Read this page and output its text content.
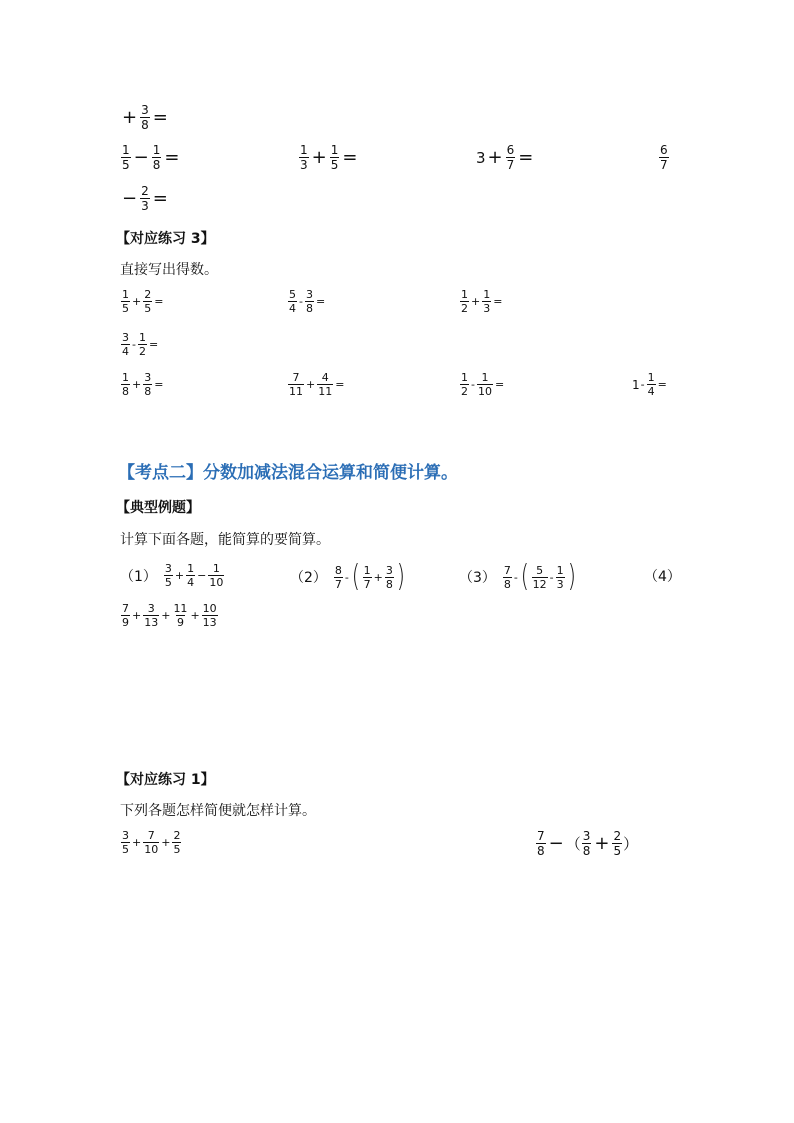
+ $\frac{3}{8}$ =
$\frac{1}{5} - \frac{1}{8}$ =	$\frac{1}{3} + \frac{1}{5}$ =	$3 + \frac{6}{7}$ =	$\frac{6}{7}$
− $\frac{2}{3}$ =
【对应练习 3】
直接写出得数。
$\frac{1}{5} + \frac{2}{5}$ =	$\frac{5}{4} - \frac{3}{8}$ =	$\frac{1}{2} + \frac{1}{3}$ =
$\frac{3}{4} - \frac{1}{2}$ =
$\frac{1}{8} + \frac{3}{8}$ =	$\frac{7}{11} + \frac{4}{11}$ =	$\frac{1}{2} - \frac{1}{10}$ =	$1 - \frac{1}{4}$ =
【考点二】分数加减法混合运算和简便计算。
【典型例题】
计算下面各题，能简算的要简算。
$(1) \frac{3}{5} + \frac{1}{4} - \frac{1}{10}$	$(2) \frac{8}{7}$ - ( $\frac{1}{7} + \frac{3}{8}$ )	$(3) \frac{7}{8}$ - ( $\frac{5}{12} - \frac{1}{3}$ )	（4）
$\frac{7}{9} + \frac{3}{13} + \frac{11}{9} + \frac{10}{13}$
【对应练习 1】
下列各题怎样简便就怎样计算。
$\frac{3}{5} + \frac{7}{10} + \frac{2}{5}$	$\frac{7}{8}$ − （ $\frac{3}{8} + \frac{2}{5}$ ）
